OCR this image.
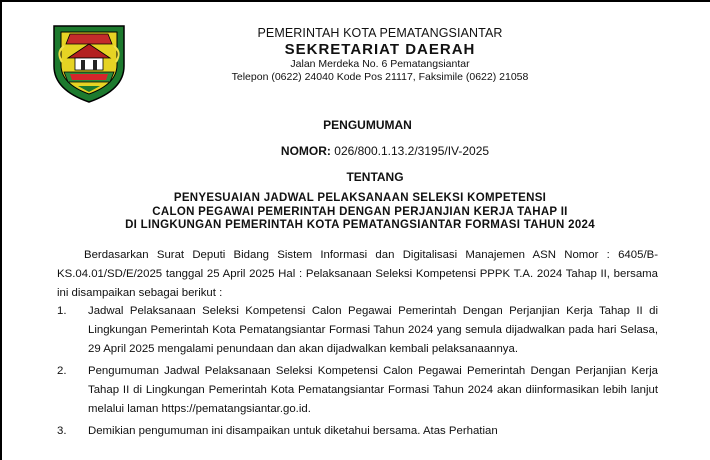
PEMERINTAH KOTA PEMATANGSIANTAR
SEKRETARIAT DAERAH
Jalan Merdeka No. 6 Pematangsiantar
Telepon (0622) 24040 Kode Pos 21117, Faksimile (0622) 21058
PENGUMUMAN
NOMOR: 026/800.1.13.2/3195/IV-2025
TENTANG
PENYESUAIAN JADWAL PELAKSANAAN SELEKSI KOMPETENSI
CALON PEGAWAI PEMERINTAH DENGAN PERJANJIAN KERJA TAHAP II
DI LINGKUNGAN PEMERINTAH KOTA PEMATANGSIANTAR FORMASI TAHUN 2024

Berdasarkan Surat Deputi Bidang Sistem Informasi dan Digitalisasi Manajemen ASN Nomor : 6405/B-KS.04.01/SD/E/2025 tanggal 25 April 2025 Hal : Pelaksanaan Seleksi Kompetensi PPPK T.A. 2024 Tahap II, bersama ini disampaikan sebagai berikut :

1. Jadwal Pelaksanaan Seleksi Kompetensi Calon Pegawai Pemerintah Dengan Perjanjian Kerja Tahap II di Lingkungan Pemerintah Kota Pematangsiantar Formasi Tahun 2024 yang semula dijadwalkan pada hari Selasa, 29 April 2025 mengalami penundaan dan akan dijadwalkan kembali pelaksanaannya.
2. Pengumuman Jadwal Pelaksanaan Seleksi Kompetensi Calon Pegawai Pemerintah Dengan Perjanjian Kerja Tahap II di Lingkungan Pemerintah Kota Pematangsiantar Formasi Tahun 2024 akan diinformasikan lebih lanjut melalui laman https://pematangsiantar.go.id.
3. Demikian pengumuman ini disampaikan untuk diketahui bersama. Atas Perhatian
